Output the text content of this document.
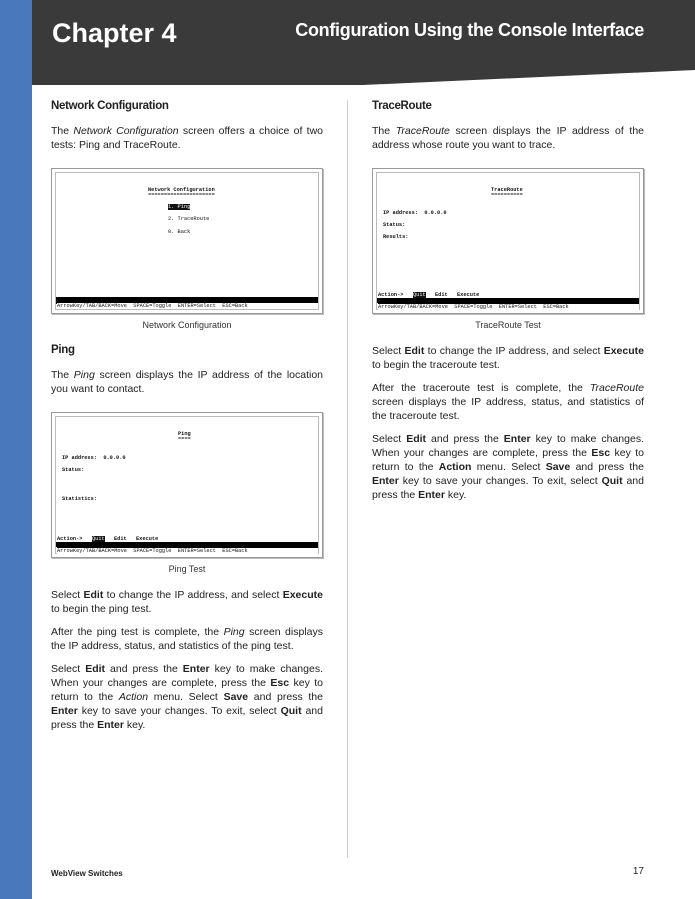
Chapter 4	Configuration Using the Console Interface
Network Configuration

The Network Configuration screen offers a choice of two tests: Ping and TraceRoute.

Network Configuration
=====================
1. Ping
2. TraceRoute
0. Back
ArrowKey/TAB/BACK=Move  SPACE=Toggle  ENTER=Select  ESC=Back
Network Configuration
Ping

The Ping screen displays the IP address of the location you want to contact.

Ping
====
IP address:  0.0.0.0
Status:
Statistics:
Action-> Quit Edit Execute
ArrowKey/TAB/BACK=Move  SPACE=Toggle  ENTER=Select  ESC=Back
Ping Test

Select Edit to change the IP address, and select Execute to begin the ping test.

After the ping test is complete, the Ping screen displays the IP address, status, and statistics of the ping test.

Select Edit and press the Enter key to make changes. When your changes are complete, press the Esc key to return to the Action menu. Select Save and press the Enter key to save your changes. To exit, select Quit and press the Enter key.

TraceRoute

The TraceRoute screen displays the IP address of the address whose route you want to trace.

TraceRoute
==========
IP address:  0.0.0.0
Status:
Results:
Action-> Quit Edit Execute
ArrowKey/TAB/BACK=Move  SPACE=Toggle  ENTER=Select  ESC=Back
TraceRoute Test

Select Edit to change the IP address, and select Execute to begin the traceroute test.

After the traceroute test is complete, the TraceRoute screen displays the IP address, status, and statistics of the traceroute test.

Select Edit and press the Enter key to make changes. When your changes are complete, press the Esc key to return to the Action menu. Select Save and press the Enter key to save your changes. To exit, select Quit and press the Enter key.

WebView Switches	17
